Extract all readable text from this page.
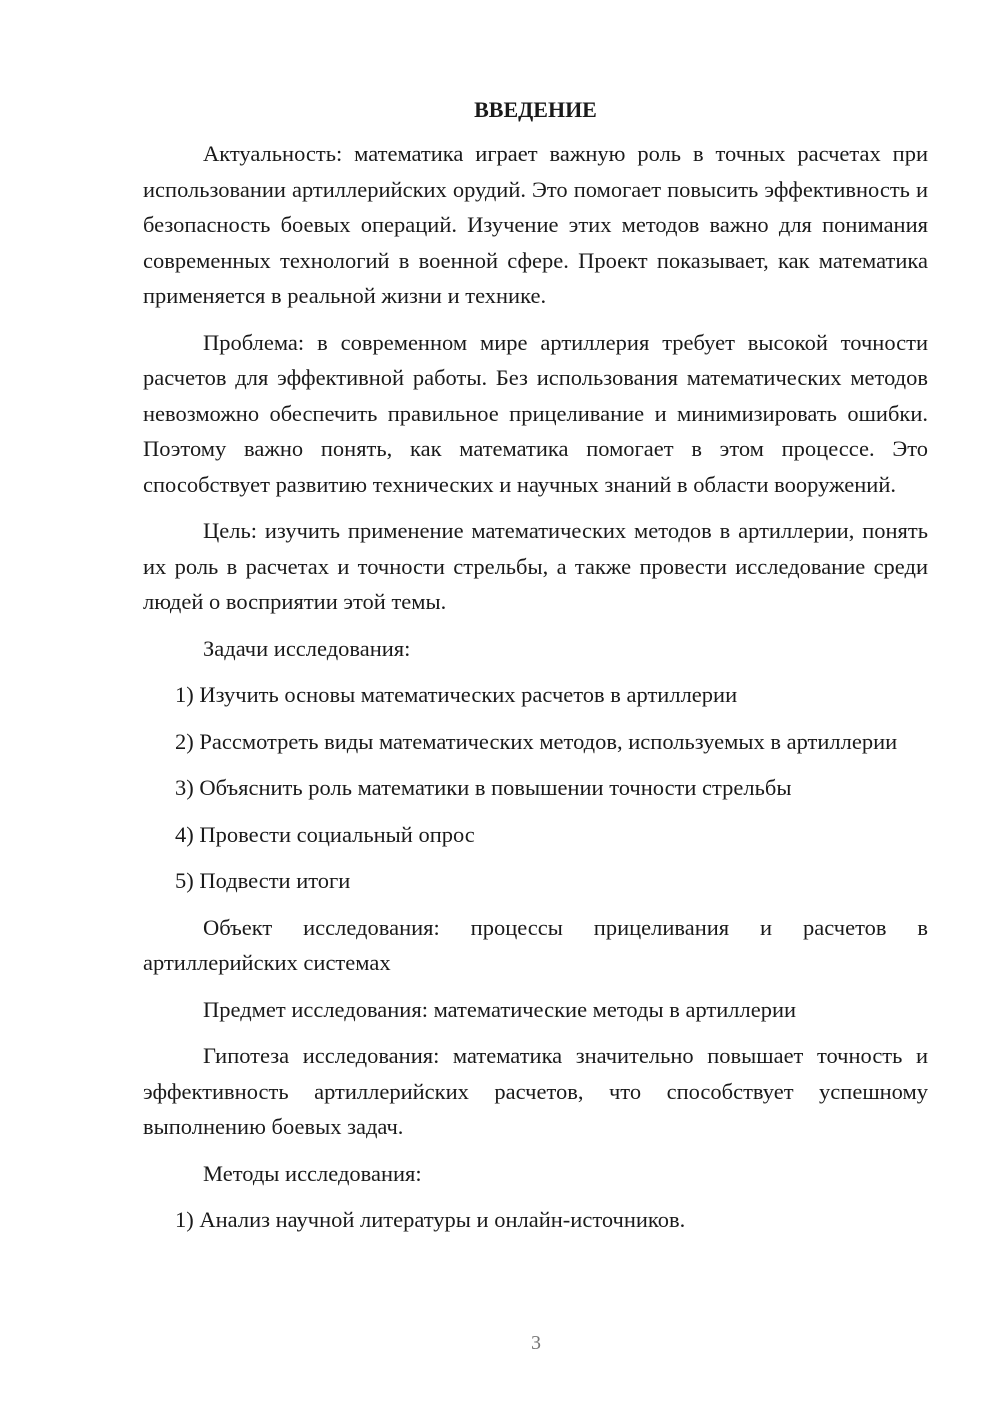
ВВЕДЕНИЕ

Актуальность: математика играет важную роль в точных расчетах при использовании артиллерийских орудий. Это помогает повысить эффективность и безопасность боевых операций. Изучение этих методов важно для понимания современных технологий в военной сфере. Проект показывает, как математика применяется в реальной жизни и технике.

Проблема: в современном мире артиллерия требует высокой точности расчетов для эффективной работы. Без использования математических методов невозможно обеспечить правильное прицеливание и минимизировать ошибки. Поэтому важно понять, как математика помогает в этом процессе. Это способствует развитию технических и научных знаний в области вооружений.

Цель: изучить применение математических методов в артиллерии, понять их роль в расчетах и точности стрельбы, а также провести исследование среди людей о восприятии этой темы.

Задачи исследования:

1) Изучить основы математических расчетов в артиллерии

2) Рассмотреть виды математических методов, используемых в артиллерии

3) Объяснить роль математики в повышении точности стрельбы

4) Провести социальный опрос

5) Подвести итоги

Объект исследования: процессы прицеливания и расчетов в артиллерийских системах

Предмет исследования: математические методы в артиллерии

Гипотеза исследования: математика значительно повышает точность и эффективность артиллерийских расчетов, что способствует успешному выполнению боевых задач.

Методы исследования:

1) Анализ научной литературы и онлайн-источников.

3
